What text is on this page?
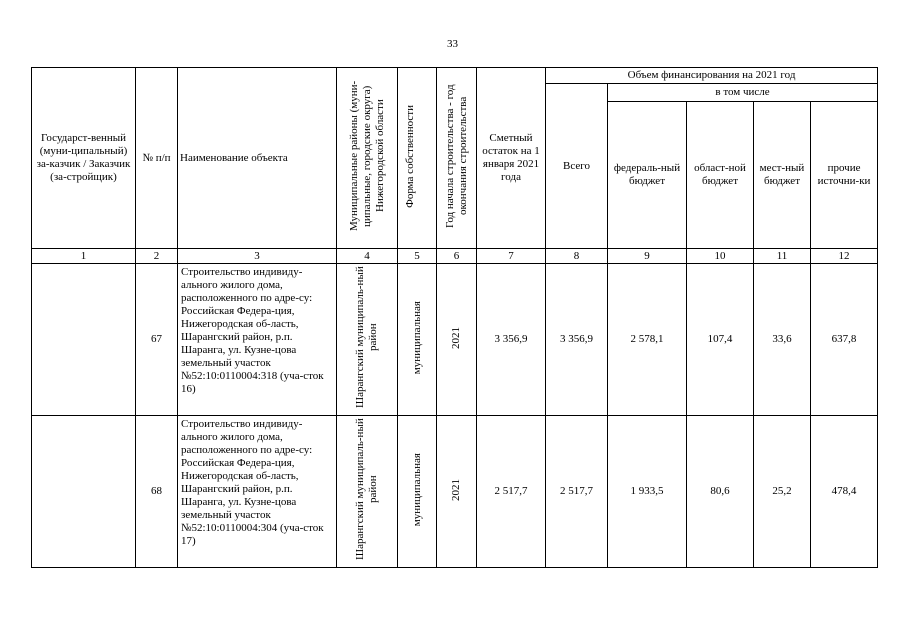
33
Государст-венный (муни-ципальный) за-казчик / Заказчик (за-стройщик)	№ п/п	Наименование объекта	Муниципальные районы (муни-ципальные, городские округа) Нижегородской области	Форма собственности	Год начала строительства - год окончания строительства	Сметный остаток на 1 января 2021 года	Объем финансирования на 2021 год				
							Всего	в том числе			
								федераль-ный бюджет	област-ной бюджет	мест-ный бюджет	прочие источни-ки
1	2	3	4	5	6	7	8	9	10	11	12
	67	Строительство индивиду-ального жилого дома, расположенного по адре-су: Российская Федера-ция, Нижегородская об-ласть, Шарангский район, р.п. Шаранга, ул. Кузне-цова земельный участок №52:10:0110004:318 (уча-сток 16)	Шарангский муниципаль-ный район	муниципальная	2021	3 356,9	3 356,9	2 578,1	107,4	33,6	637,8
	68	Строительство индивиду-ального жилого дома, расположенного по адре-су: Российская Федера-ция, Нижегородская об-ласть, Шарангский район, р.п. Шаранга, ул. Кузне-цова земельный участок №52:10:0110004:304 (уча-сток 17)	Шарангский муниципаль-ный район	муниципальная	2021	2 517,7	2 517,7	1 933,5	80,6	25,2	478,4
